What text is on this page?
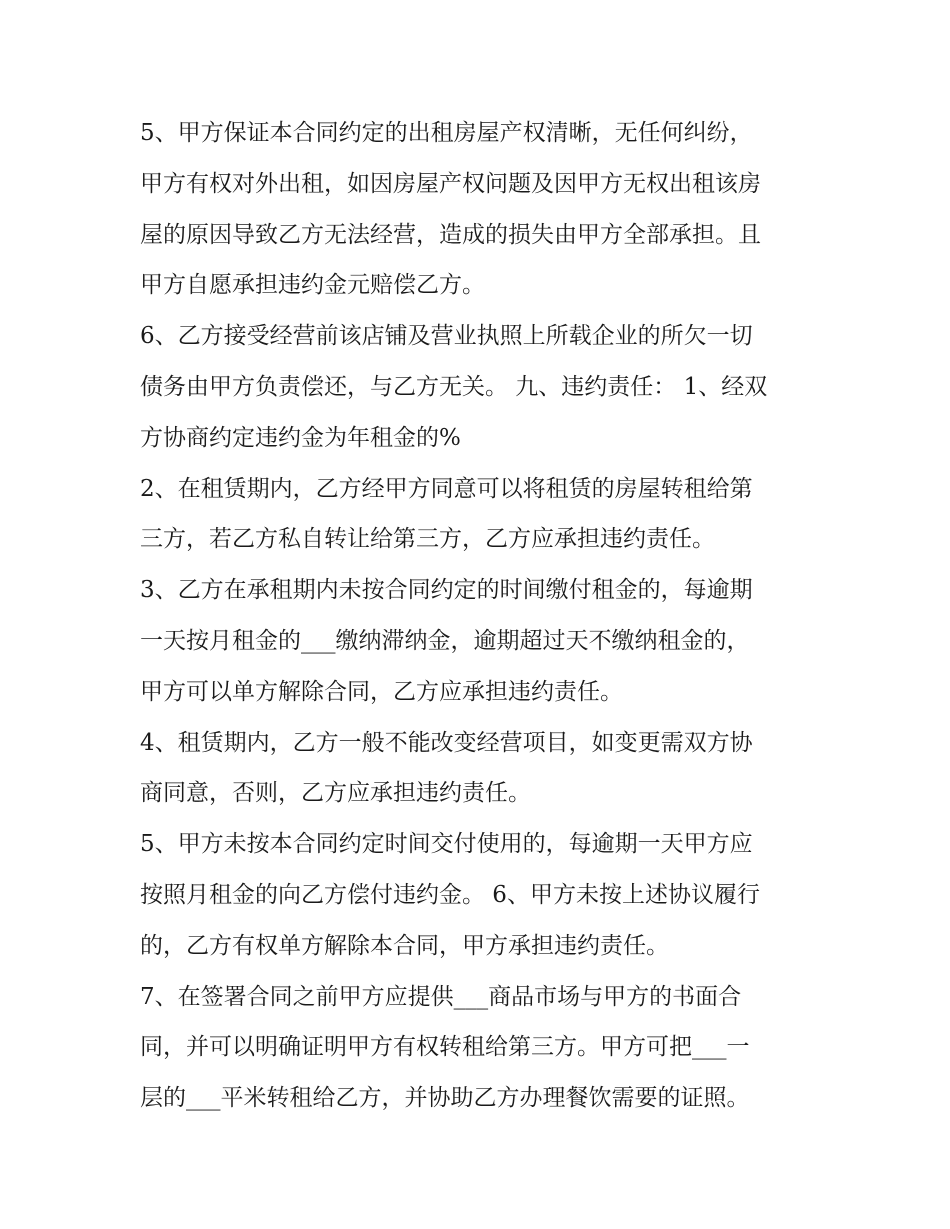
5、甲方保证本合同约定的出租房屋产权清晰，无任何纠纷，
甲方有权对外出租，如因房屋产权问题及因甲方无权出租该房
屋的原因导致乙方无法经营，造成的损失由甲方全部承担。且
甲方自愿承担违约金元赔偿乙方。
6、乙方接受经营前该店铺及营业执照上所载企业的所欠一切
债务由甲方负责偿还，与乙方无关。 九、违约责任： 1、经双
方协商约定违约金为年租金的%
2、在租赁期内，乙方经甲方同意可以将租赁的房屋转租给第
三方，若乙方私自转让给第三方，乙方应承担违约责任。
3、乙方在承租期内未按合同约定的时间缴付租金的，每逾期
一天按月租金的___缴纳滞纳金，逾期超过天不缴纳租金的，
甲方可以单方解除合同，乙方应承担违约责任。
4、租赁期内，乙方一般不能改变经营项目，如变更需双方协
商同意，否则，乙方应承担违约责任。
5、甲方未按本合同约定时间交付使用的，每逾期一天甲方应
按照月租金的向乙方偿付违约金。 6、甲方未按上述协议履行
的，乙方有权单方解除本合同，甲方承担违约责任。
7、在签署合同之前甲方应提供___商品市场与甲方的书面合
同，并可以明确证明甲方有权转租给第三方。甲方可把___一
层的___平米转租给乙方，并协助乙方办理餐饮需要的证照。
